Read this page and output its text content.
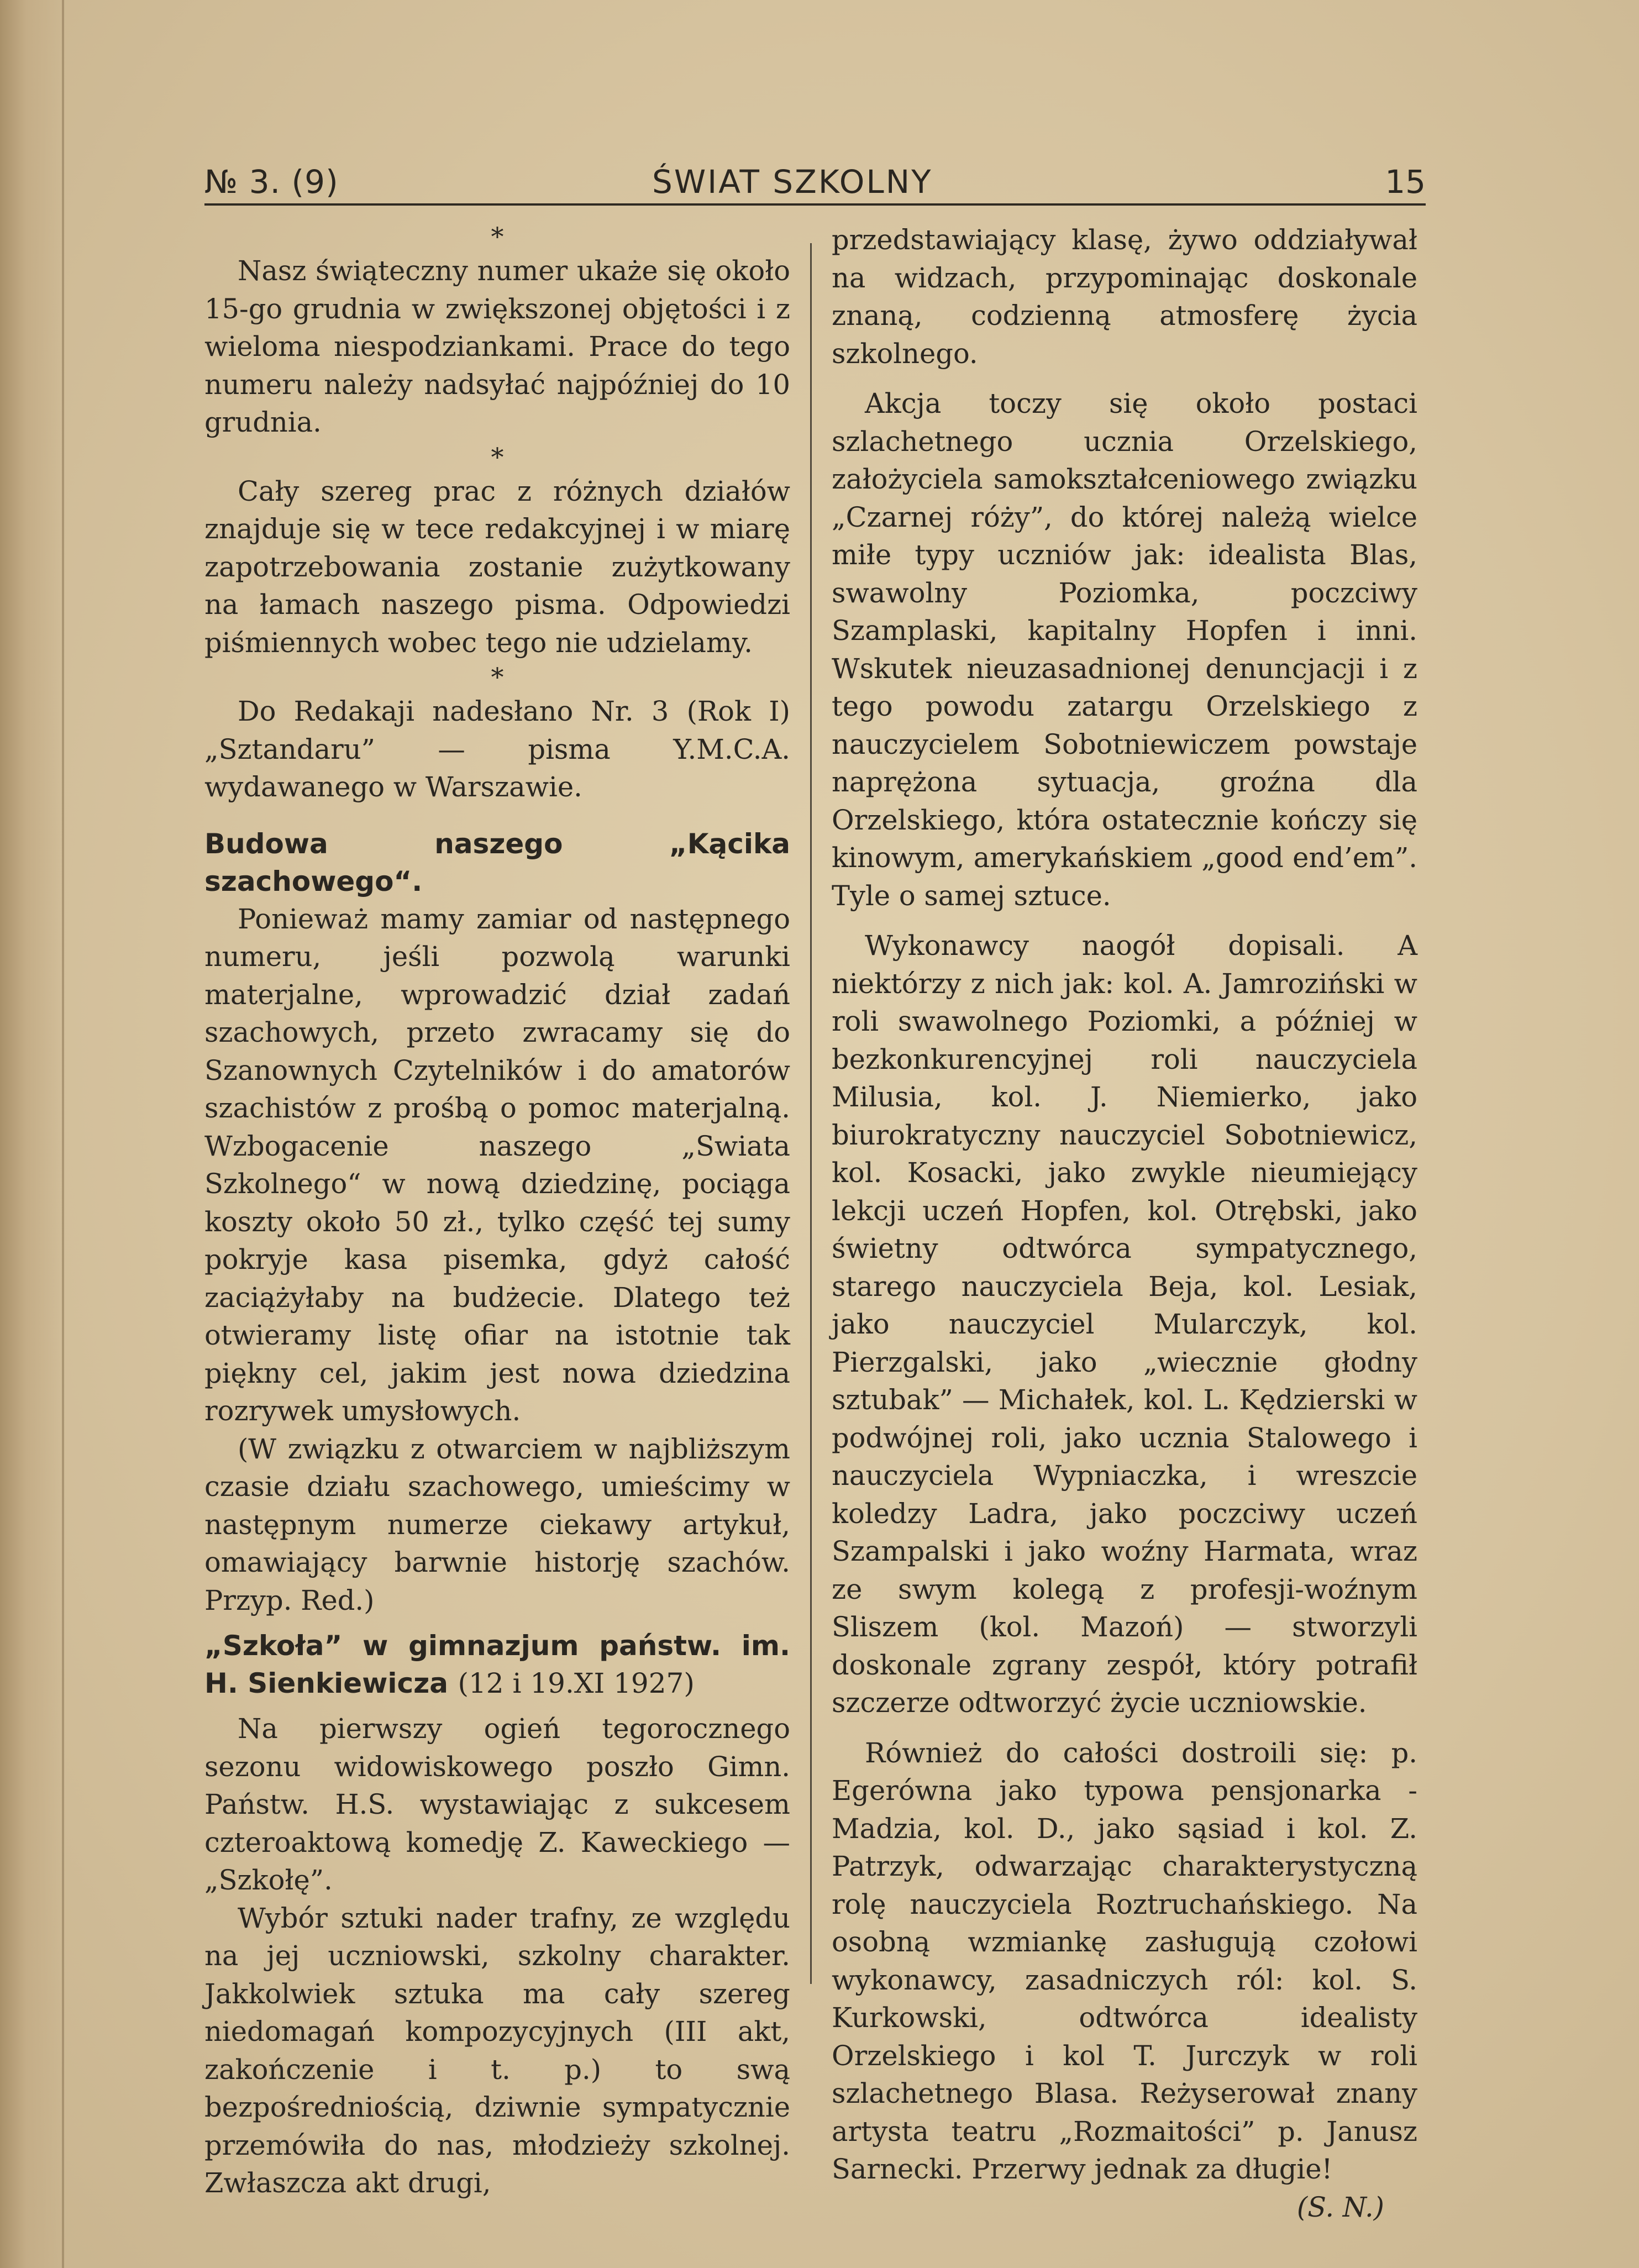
№ 3. (9)	ŚWIAT SZKOLNY	15

*

Nasz świąteczny numer ukaże się około 15-go grudnia w zwiększonej objętości i z wieloma niespodziankami. Prace do tego numeru należy nadsyłać najpóźniej do 10 grudnia.

*

Cały szereg prac z różnych działów znajduje się w tece redakcyjnej i w miarę zapotrzebowania zostanie zużytkowany na łamach naszego pisma. Odpowiedzi piśmiennych wobec tego nie udzielamy.

*

Do Redakaji nadesłano Nr. 3 (Rok I) „Sztandaru” — pisma Y.M.C.A. wydawanego w Warszawie.

Budowa naszego „Kącika szachowego“.

Ponieważ mamy zamiar od następnego numeru, jeśli pozwolą warunki materjalne, wprowadzić dział zadań szachowych, przeto zwracamy się do Szanownych Czytelników i do amatorów szachistów z prośbą o pomoc materjalną. Wzbogacenie naszego „Swiata Szkolnego“ w nową dziedzinę, pociąga koszty około 50 zł., tylko część tej sumy pokryje kasa pisemka, gdyż całość zaciążyłaby na budżecie. Dlatego też otwieramy listę ofiar na istotnie tak piękny cel, jakim jest nowa dziedzina rozrywek umysłowych.

(W związku z otwarciem w najbliższym czasie działu szachowego, umieścimy w następnym numerze ciekawy artykuł, omawiający barwnie historję szachów. Przyp. Red.)

„Szkoła” w gimnazjum państw. im. H. Sienkiewicza (12 i 19.XI 1927)

Na pierwszy ogień tegorocznego sezonu widowiskowego poszło Gimn. Państw. H.S. wystawiając z sukcesem czteroaktową komedję Z. Kaweckiego — „Szkołę”.

Wybór sztuki nader trafny, ze względu na jej uczniowski, szkolny charakter. Jakkolwiek sztuka ma cały szereg niedomagań kompozycyjnych (III akt, zakończenie i t. p.) to swą bezpośredniością, dziwnie sympatycznie przemówiła do nas, młodzieży szkolnej. Zwłaszcza akt drugi,

przedstawiający klasę, żywo oddziaływał na widzach, przypominając doskonale znaną, codzienną atmosferę życia szkolnego.

Akcja toczy się około postaci szlachetnego ucznia Orzelskiego, założyciela samokształceniowego związku „Czarnej róży”, do której należą wielce miłe typy uczniów jak: idealista Blas, swawolny Poziomka, poczciwy Szamplaski, kapitalny Hopfen i inni. Wskutek nieuzasadnionej denuncjacji i z tego powodu zatargu Orzelskiego z nauczycielem Sobotniewiczem powstaje naprężona sytuacja, groźna dla Orzelskiego, która ostatecznie kończy się kinowym, amerykańskiem „good end’em”. Tyle o samej sztuce.

Wykonawcy naogół dopisali. A niektórzy z nich jak: kol. A. Jamroziński w roli swawolnego Poziomki, a później w bezkonkurencyjnej roli nauczyciela Milusia, kol. J. Niemierko, jako biurokratyczny nauczyciel Sobotniewicz, kol. Kosacki, jako zwykle nieumiejący lekcji uczeń Hopfen, kol. Otrębski, jako świetny odtwórca sympatycznego, starego nauczyciela Beja, kol. Lesiak, jako nauczyciel Mularczyk, kol. Pierzgalski, jako „wiecznie głodny sztubak” — Michałek, kol. L. Kędzierski w podwójnej roli, jako ucznia Stalowego i nauczyciela Wypniaczka, i wreszcie koledzy Ladra, jako poczciwy uczeń Szampalski i jako woźny Harmata, wraz ze swym kolegą z profesji-woźnym Sliszem (kol. Mazoń) — stworzyli doskonale zgrany zespół, który potrafił szczerze odtworzyć życie uczniowskie.

Również do całości dostroili się: p. Egerówna jako typowa pensjonarka - Madzia, kol. D., jako sąsiad i kol. Z. Patrzyk, odwarzając charakterystyczną rolę nauczyciela Roztruchańskiego. Na osobną wzmiankę zasługują czołowi wykonawcy, zasadniczych ról: kol. S. Kurkowski, odtwórca idealisty Orzelskiego i kol T. Jurczyk w roli szlachetnego Blasa. Reżyserował znany artysta teatru „Rozmaitości” p. Janusz Sarnecki. Przerwy jednak za długie!

(S. N.)
